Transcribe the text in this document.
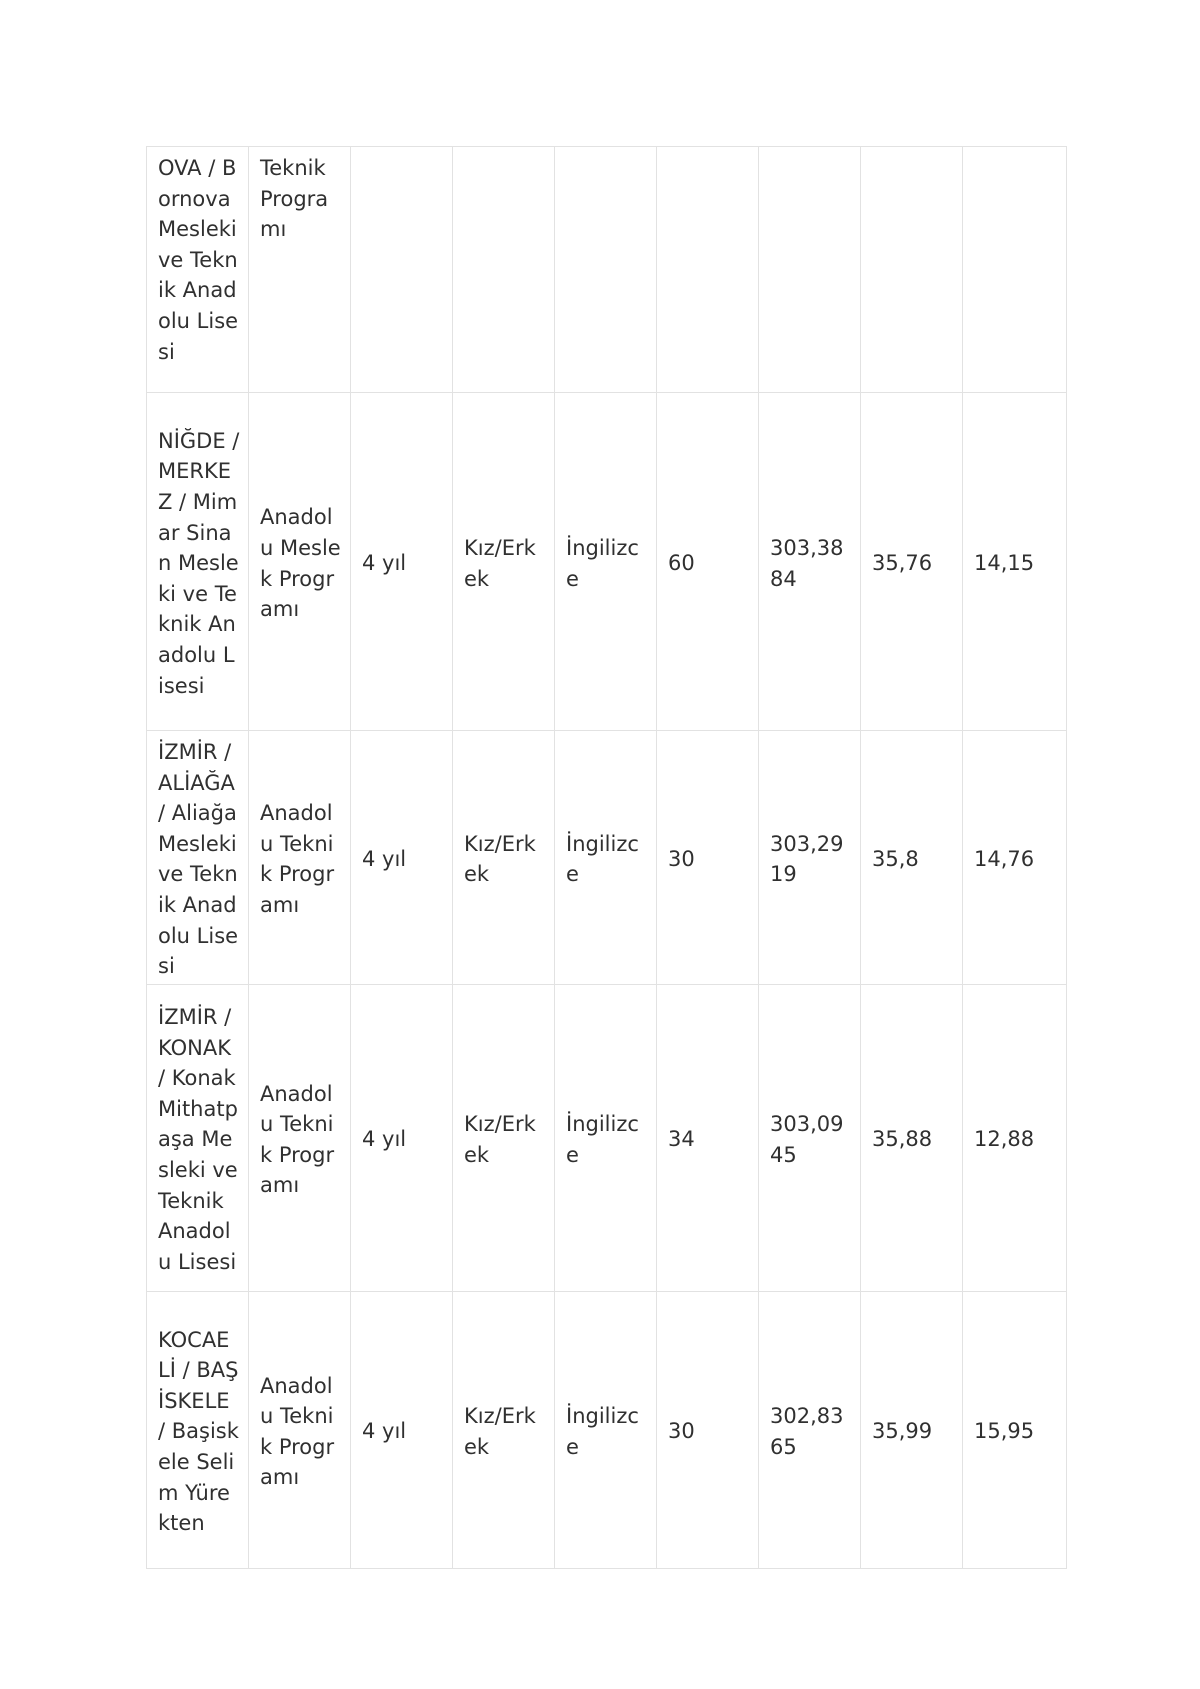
OVA / Bornova Mesleki ve Teknik Anadolu Lisesi	Teknik Programı							
NİĞDE / MERKEZ / Mimar Sinan Mesleki ve Teknik Anadolu Lisesi	Anadolu Meslek Programı	4 yıl	Kız/Erkek	İngilizce	60	303,3884	35,76	14,15
İZMİR / ALİAĞA / Aliağa Mesleki ve Teknik Anadolu Lisesi	Anadolu Teknik Programı	4 yıl	Kız/Erkek	İngilizce	30	303,2919	35,8	14,76
İZMİR / KONAK / Konak Mithatpaşa Mesleki ve Teknik Anadolu Lisesi	Anadolu Teknik Programı	4 yıl	Kız/Erkek	İngilizce	34	303,0945	35,88	12,88
KOCAELİ / BAŞİSKELE / Başiskele Selim Yürekten	Anadolu Teknik Programı	4 yıl	Kız/Erkek	İngilizce	30	302,8365	35,99	15,95
